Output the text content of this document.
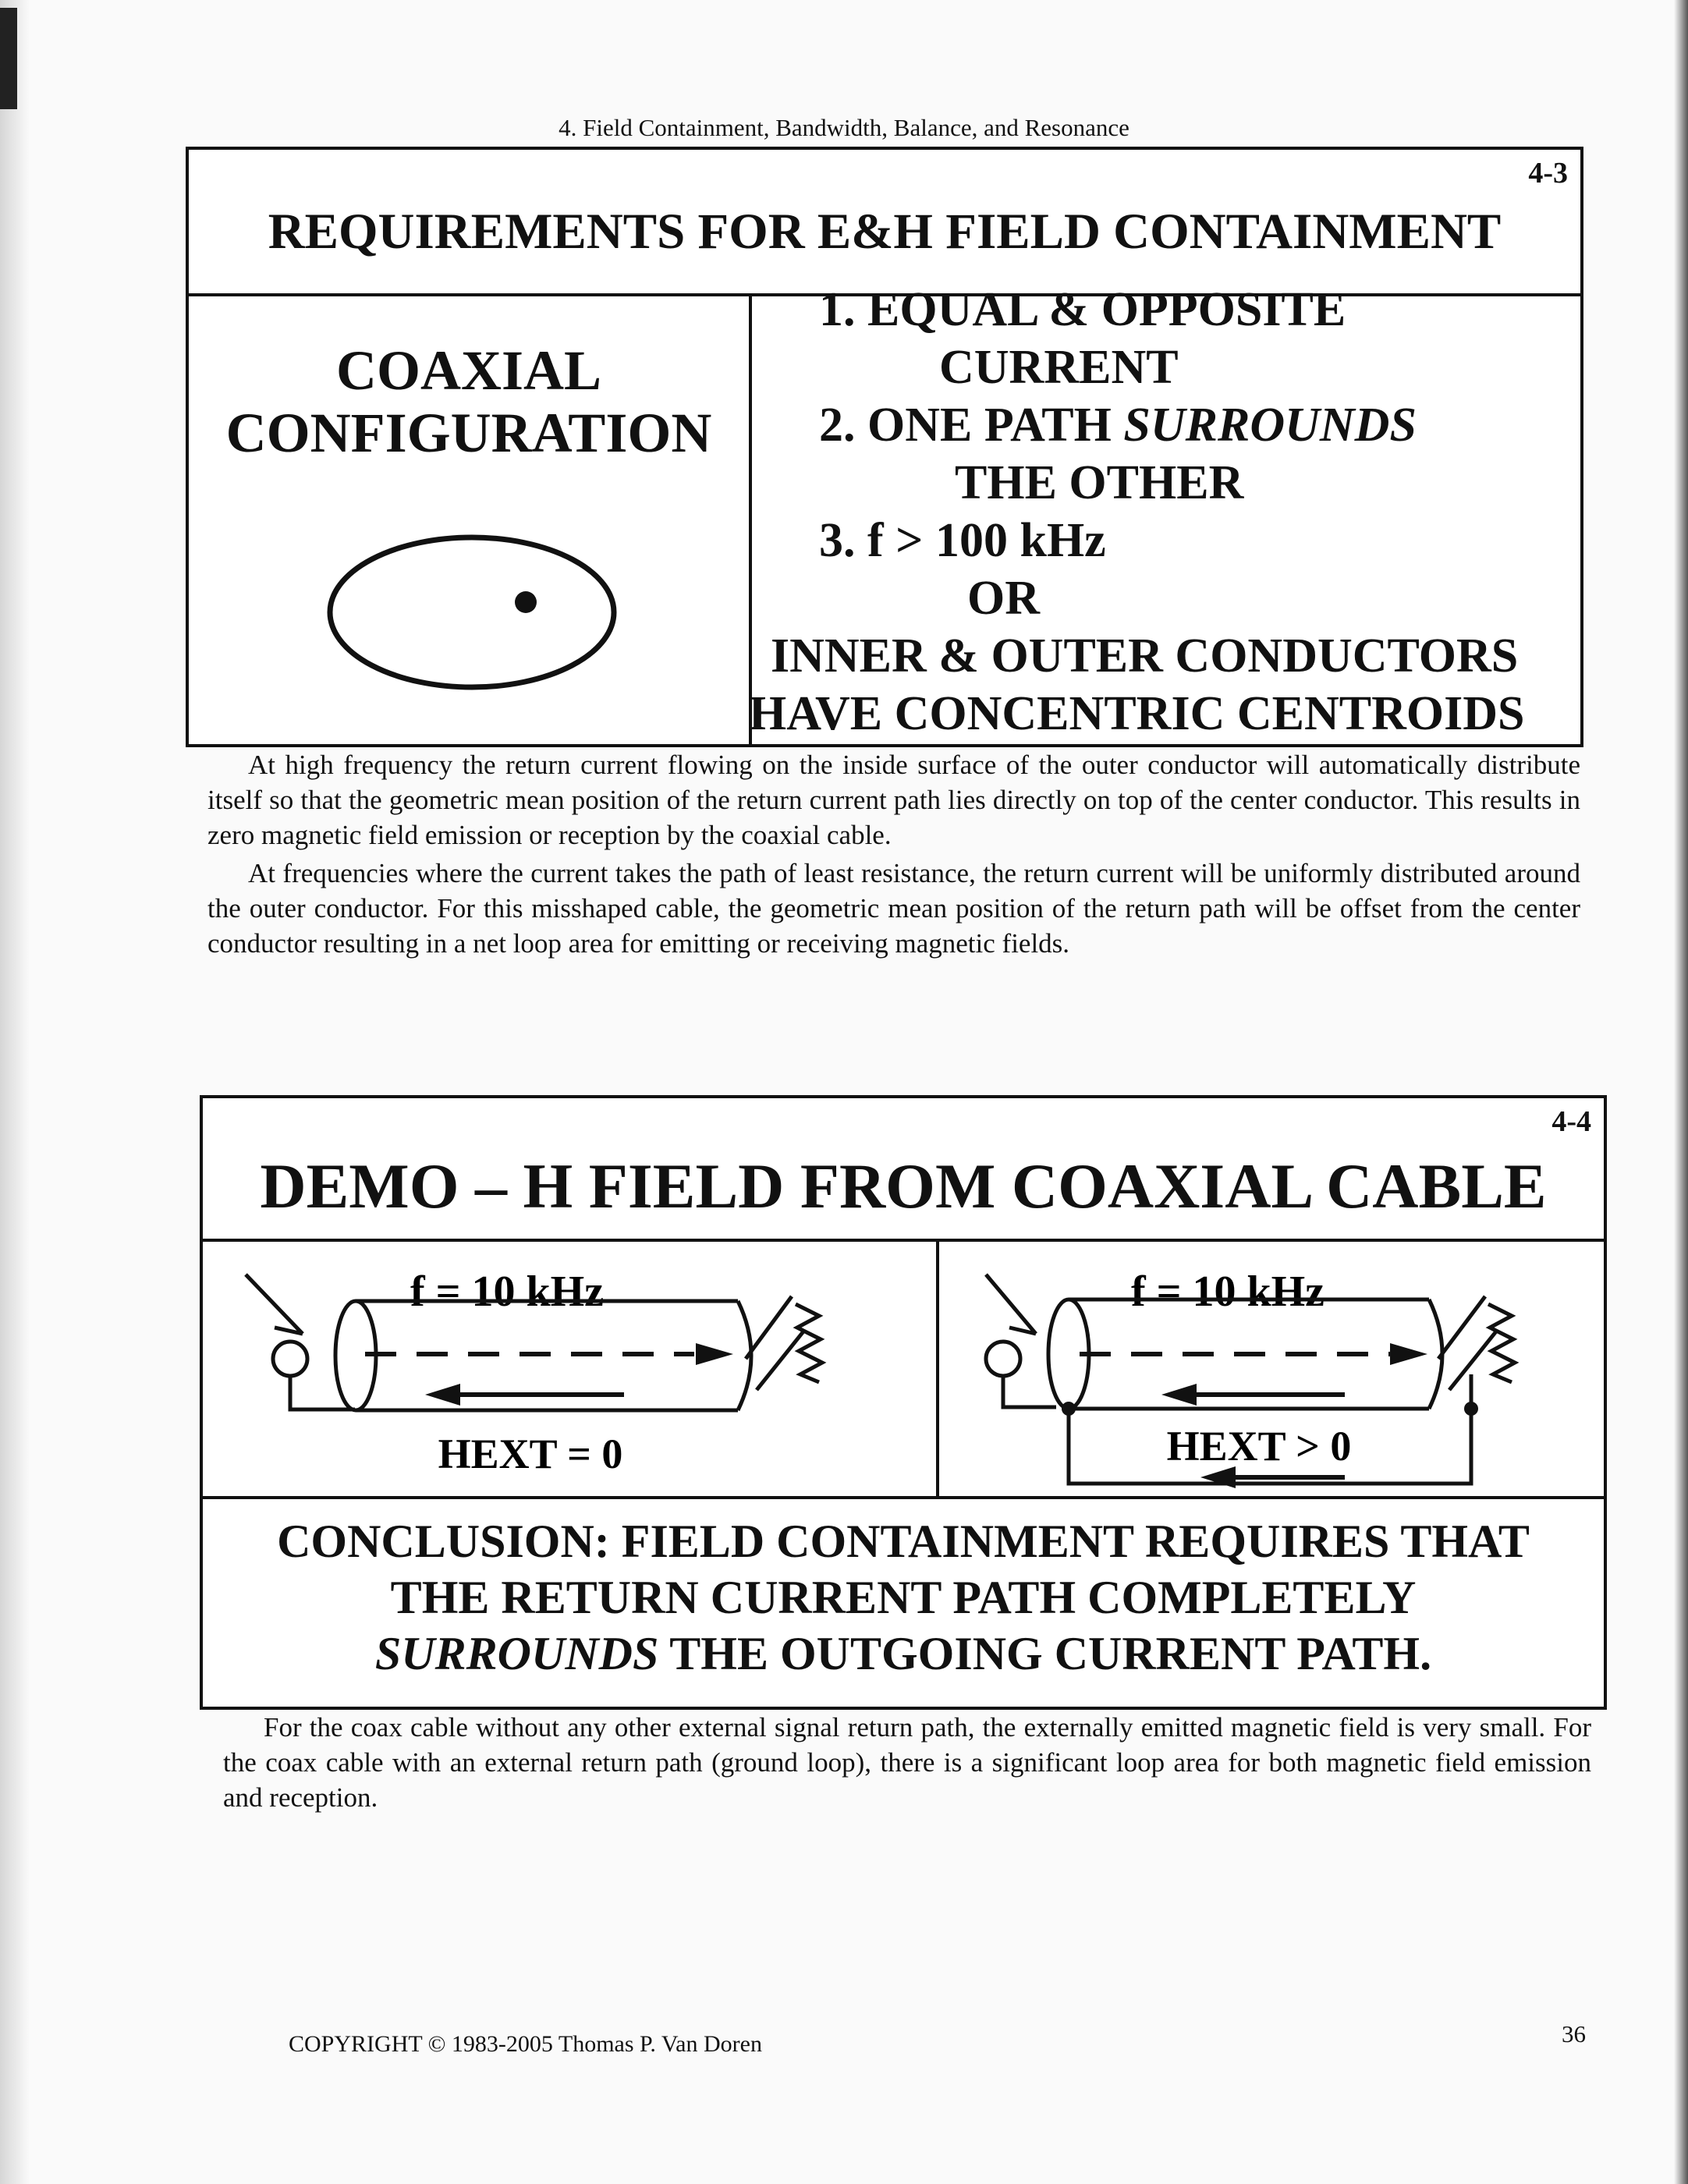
4. Field Containment, Bandwidth, Balance, and Resonance
4-3
REQUIREMENTS FOR E&H FIELD CONTAINMENT
COAXIAL
CONFIGURATION
1. EQUAL & OPPOSITE
CURRENT
2. ONE PATH SURROUNDS
THE OTHER
3. f > 100 kHz
OR
INNER & OUTER CONDUCTORS
HAVE CONCENTRIC CENTROIDS

At high frequency the return current flowing on the inside surface of the outer conductor will automatically distribute itself so that the geometric mean position of the return current path lies directly on top of the center conductor. This results in zero magnetic field emission or reception by the coaxial cable.

At frequencies where the current takes the path of least resistance, the return current will be uniformly distributed around the outer conductor. For this misshaped cable, the geometric mean position of the return path will be offset from the center conductor resulting in a net loop area for emitting or receiving magnetic fields.

4-4
DEMO – H FIELD FROM COAXIAL CABLE
f = 10 kHz
HEXT = 0
f = 10 kHz
HEXT > 0
CONCLUSION: FIELD CONTAINMENT REQUIRES THAT
THE RETURN CURRENT PATH COMPLETELY
SURROUNDS THE OUTGOING CURRENT PATH.

For the coax cable without any other external signal return path, the externally emitted magnetic field is very small. For the coax cable with an external return path (ground loop), there is a significant loop area for both magnetic field emission and reception.

COPYRIGHT © 1983-2005 Thomas P. Van Doren	36
